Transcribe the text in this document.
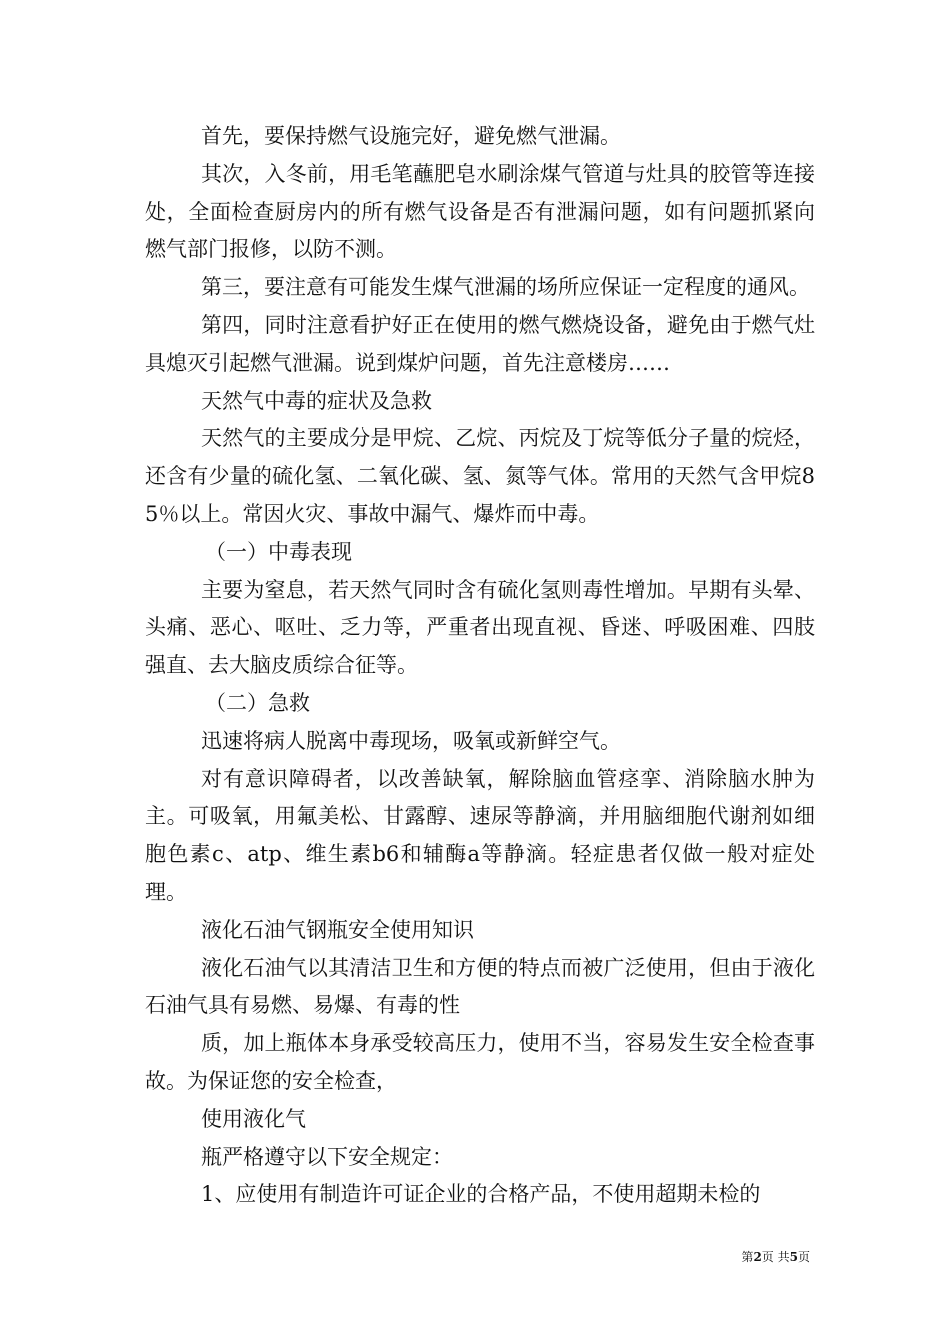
首先，要保持燃气设施完好，避免燃气泄漏。

其次，入冬前，用毛笔蘸肥皂水刷涂煤气管道与灶具的胶管等连接处，全面检查厨房内的所有燃气设备是否有泄漏问题，如有问题抓紧向燃气部门报修，以防不测。

第三，要注意有可能发生煤气泄漏的场所应保证一定程度的通风。

第四，同时注意看护好正在使用的燃气燃烧设备，避免由于燃气灶具熄灭引起燃气泄漏。说到煤炉问题，首先注意楼房……

天然气中毒的症状及急救

天然气的主要成分是甲烷、乙烷、丙烷及丁烷等低分子量的烷烃，还含有少量的硫化氢、二氧化碳、氢、氮等气体。常用的天然气含甲烷85％以上。常因火灾、事故中漏气、爆炸而中毒。

（一）中毒表现

主要为窒息，若天然气同时含有硫化氢则毒性增加。早期有头晕、头痛、恶心、呕吐、乏力等，严重者出现直视、昏迷、呼吸困难、四肢强直、去大脑皮质综合征等。

（二）急救

迅速将病人脱离中毒现场，吸氧或新鲜空气。

对有意识障碍者，以改善缺氧，解除脑血管痉挛、消除脑水肿为主。可吸氧，用氟美松、甘露醇、速尿等静滴，并用脑细胞代谢剂如细胞色素c、atp、维生素b6和辅酶a等静滴。轻症患者仅做一般对症处理。

液化石油气钢瓶安全使用知识

液化石油气以其清洁卫生和方便的特点而被广泛使用，但由于液化石油气具有易燃、易爆、有毒的性

质，加上瓶体本身承受较高压力，使用不当，容易发生安全检查事故。为保证您的安全检查，

使用液化气

瓶严格遵守以下安全规定：

1、应使用有制造许可证企业的合格产品，不使用超期未检的

第2页 共5页
